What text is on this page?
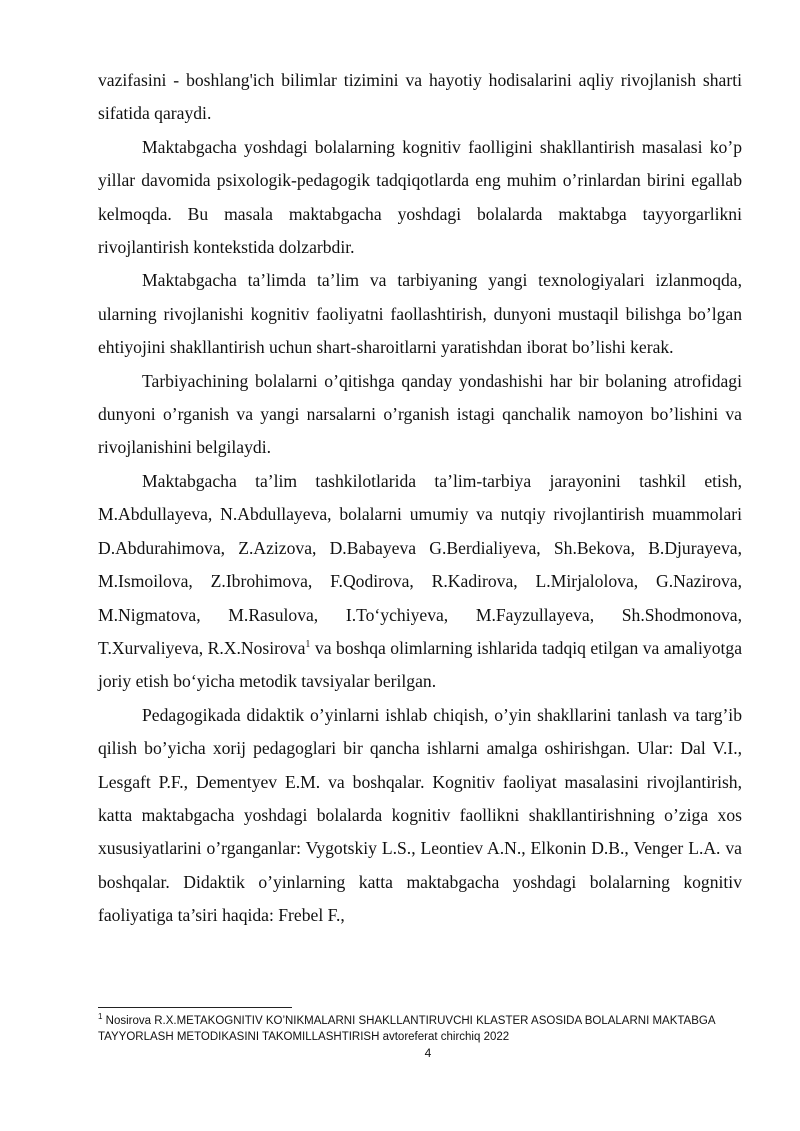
vazifasini - boshlang'ich bilimlar tizimini va hayotiy hodisalarini aqliy rivojlanish sharti sifatida qaraydi.

Maktabgacha yoshdagi bolalarning kognitiv faolligini shakllantirish masalasi ko’p yillar davomida psixologik-pedagogik tadqiqotlarda eng muhim o’rinlardan birini egallab kelmoqda. Bu masala maktabgacha yoshdagi bolalarda maktabga tayyorgarlikni rivojlantirish kontekstida dolzarbdir.

Maktabgacha ta’limda ta’lim va tarbiyaning yangi texnologiyalari izlanmoqda, ularning rivojlanishi kognitiv faoliyatni faollashtirish, dunyoni mustaqil bilishga bo’lgan ehtiyojini shakllantirish uchun shart-sharoitlarni yaratishdan iborat bo’lishi kerak.

Tarbiyachining bolalarni o’qitishga qanday yondashishi har bir bolaning atrofidagi dunyoni o’rganish va yangi narsalarni o’rganish istagi qanchalik namoyon bo’lishini va rivojlanishini belgilaydi.

Maktabgacha ta’lim tashkilotlarida ta’lim-tarbiya jarayonini tashkil etish, M.Abdullayeva, N.Abdullayeva, bolalarni umumiy va nutqiy rivojlantirish muammolari D.Abdurahimova, Z.Azizova, D.Babayeva G.Berdialiyeva, Sh.Bekova, B.Djurayeva, M.Ismoilova, Z.Ibrohimova, F.Qodirova, R.Kadirova, L.Mirjalolova, G.Nazirova, M.Nigmatova, M.Rasulova, I.To‘ychiyeva, M.Fayzullayeva, Sh.Shodmonova, T.Xurvaliyeva, R.X.Nosirova$^1$ va boshqa olimlarning ishlarida tadqiq etilgan va amaliyotga joriy etish bo‘yicha metodik tavsiyalar berilgan.

Pedagogikada didaktik o’yinlarni ishlab chiqish, o’yin shakllarini tanlash va targ’ib qilish bo’yicha xorij pedagoglari bir qancha ishlarni amalga oshirishgan. Ular: Dal V.I., Lesgaft P.F., Dementyev E.M. va boshqalar. Kognitiv faoliyat masalasini rivojlantirish, katta maktabgacha yoshdagi bolalarda kognitiv faollikni shakllantirishning o’ziga xos xususiyatlarini o’rganganlar: Vygotskiy L.S., Leontiev A.N., Elkonin D.B., Venger L.A. va boshqalar. Didaktik o’yinlarning katta maktabgacha yoshdagi bolalarning kognitiv faoliyatiga ta’siri haqida: Frebel F.,

$^1$ Nosirova R.X.METAKOGNITIV KO’NIKMALARNI SHAKLLANTIRUVCHI KLASTER ASOSIDA BOLALARNI MAKTABGA TAYYORLASH METODIKASINI TAKOMILLASHTIRISH avtoreferat chirchiq 2022
4
